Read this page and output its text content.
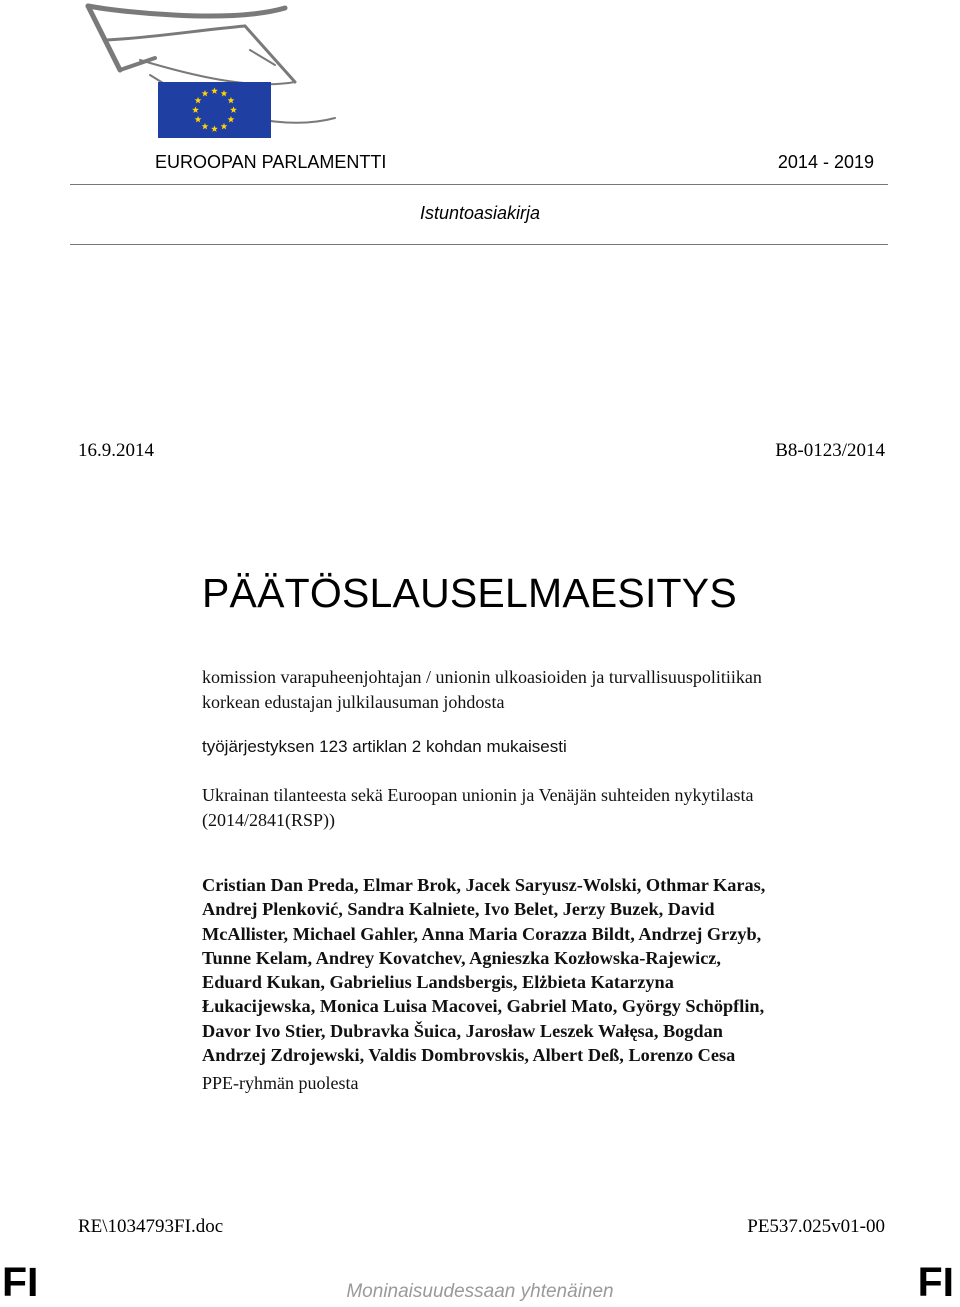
EUROOPAN PARLAMENTTI	2014 - 2019
Istuntoasiakirja
16.9.2014	B8-0123/2014
PÄÄTÖSLAUSELMAESITYS
komission varapuheenjohtajan / unionin ulkoasioiden ja turvallisuuspolitiikan
korkean edustajan julkilausuman johdosta
työjärjestyksen 123 artiklan 2 kohdan mukaisesti
Ukrainan tilanteesta sekä Euroopan unionin ja Venäjän suhteiden nykytilasta
(2014/2841(RSP))
Cristian Dan Preda, Elmar Brok, Jacek Saryusz-Wolski, Othmar Karas,
Andrej Plenković, Sandra Kalniete, Ivo Belet, Jerzy Buzek, David
McAllister, Michael Gahler, Anna Maria Corazza Bildt, Andrzej Grzyb,
Tunne Kelam, Andrey Kovatchev, Agnieszka Kozłowska-Rajewicz,
Eduard Kukan, Gabrielius Landsbergis, Elżbieta Katarzyna
Łukacijewska, Monica Luisa Macovei, Gabriel Mato, György Schöpflin,
Davor Ivo Stier, Dubravka Šuica, Jarosław Leszek Wałęsa, Bogdan
Andrzej Zdrojewski, Valdis Dombrovskis, Albert Deß, Lorenzo Cesa
PPE-ryhmän puolesta
RE\1034793FI.doc	PE537.025v01-00
FI	Moninaisuudessaan yhtenäinen	FI
